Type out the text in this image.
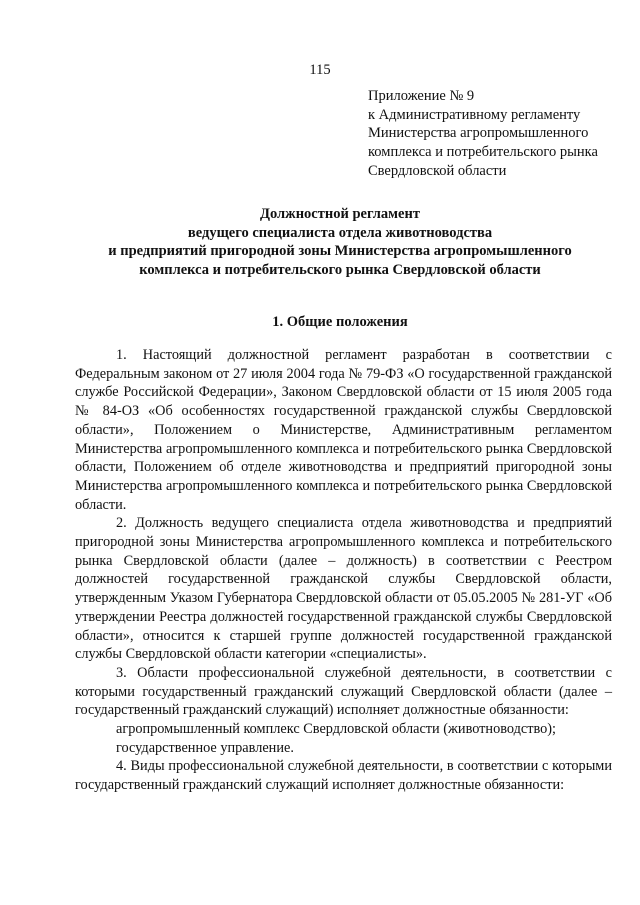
115
Приложение № 9
к Административному регламенту
Министерства агропромышленного
комплекса и потребительского рынка
Свердловской области
Должностной регламент
ведущего специалиста отдела животноводства
и предприятий пригородной зоны Министерства агропромышленного
комплекса и потребительского рынка Свердловской области
1. Общие положения

1. Настоящий должностной регламент разработан в соответствии с Федеральным законом от 27 июля 2004 года № 79-ФЗ «О государственной гражданской службе Российской Федерации», Законом Свердловской области от 15 июля 2005 года № 84-ОЗ «Об особенностях государственной гражданской службы Свердловской области», Положением о Министерстве, Административным регламентом Министерства агропромышленного комплекса и потребительского рынка Свердловской области, Положением об отделе животноводства и предприятий пригородной зоны Министерства агропромышленного комплекса и потребительского рынка Свердловской области.

2. Должность ведущего специалиста отдела животноводства и предприятий пригородной зоны Министерства агропромышленного комплекса и потребительского рынка Свердловской области (далее – должность) в соответствии с Реестром должностей государственной гражданской службы Свердловской области, утвержденным Указом Губернатора Свердловской области от 05.05.2005 № 281-УГ «Об утверждении Реестра должностей государственной гражданской службы Свердловской области», относится к старшей группе должностей государственной гражданской службы Свердловской области категории «специалисты».

3. Области профессиональной служебной деятельности, в соответствии с которыми государственный гражданский служащий Свердловской области (далее – государственный гражданский служащий) исполняет должностные обязанности:

агропромышленный комплекс Свердловской области (животноводство);

государственное управление.

4. Виды профессиональной служебной деятельности, в соответствии с которыми государственный гражданский служащий исполняет должностные обязанности:
